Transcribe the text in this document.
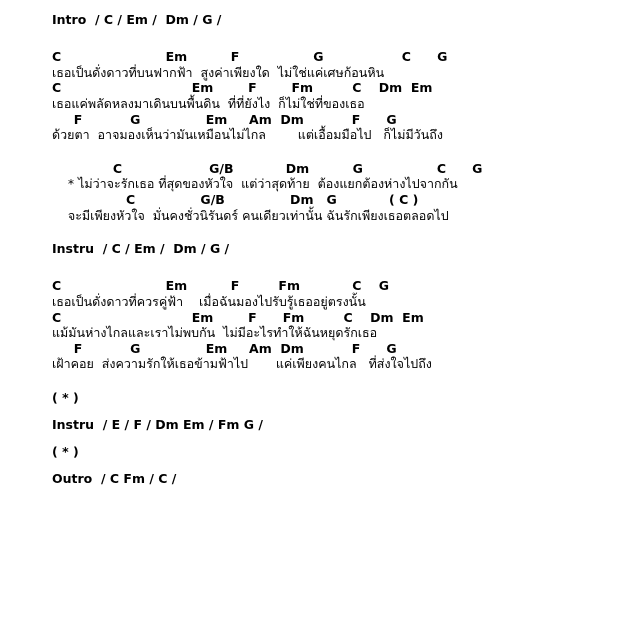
Intro  / C / Em /  Dm / G /
C                        Em          F                 G                  C      G
เธอเป็นดั่งดาวที่บนฟากฟ้า  สูงค่าเพียงใด  ไม่ใช่แค่เศษก้อนหิน
C                              Em        F        Fm         C    Dm  Em
เธอแค่พลัดหลงมาเดินบนพื้นดิน  ที่ที่ยังไง  ก็ไม่ใช่ที่ของเธอ
F           G               Em     Am  Dm           F      G
ด้วยตา  อาจมองเห็นว่ามันเหมือนไม่ไกล        แต่เอื้อมมือไป   ก็ไม่มีวันถึง
C                    G/B            Dm          G                 C      G
* ไม่ว่าจะรักเธอ ที่สุดของหัวใจ  แต่ว่าสุดท้าย  ต้องแยกต้องห่างไปจากกัน
C               G/B               Dm   G            ( C )
จะมีเพียงหัวใจ  มั่นคงชั่วนิรันดร์ คนเดียวเท่านั้น ฉันรักเพียงเธอตลอดไป
Instru  / C / Em /  Dm / G /
C                        Em          F         Fm            C    G
เธอเป็นดั่งดาวที่ควรคู่ฟ้า    เมื่อฉันมองไปรับรู้เธออยู่ตรงนั้น
C                              Em        F      Fm         C    Dm  Em
แม้มันห่างไกลและเราไม่พบกัน  ไม่มีอะไรทำให้ฉันหยุดรักเธอ
F           G               Em     Am  Dm           F      G
เฝ้าคอย  ส่งความรักให้เธอข้ามฟ้าไป       แค่เพียงคนไกล   ที่ส่งใจไปถึง
( * )
Instru  / E / F / Dm Em / Fm G /
( * )
Outro  / C Fm / C /
